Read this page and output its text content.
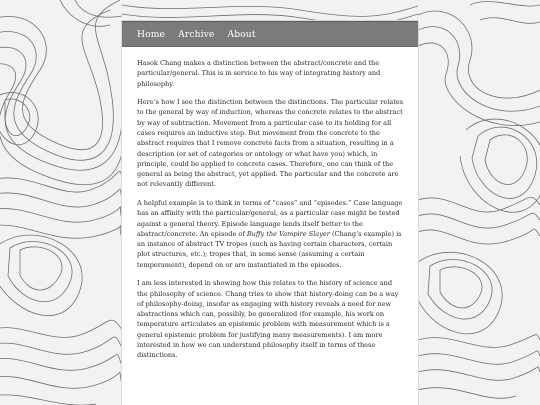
Home Archive About

Hasok Chang makes a distinction between the abstract/concrete and the particular/general. This is in service to his way of integrating history and philosophy.

Here’s how I see the distinction between the distinctions. The particular relates to the general by way of induction, whereas the concrete relates to the abstract by way of subtraction. Movement from a particular case to its holding for all cases requires an inductive step. But movement from the concrete to the abstract requires that I remove concrete facts from a situation, resulting in a description (or set of categories or ontology or what have you) which, in principle, could be applied to concrete cases. Therefore, one can think of the general as being the abstract, yet applied. The particular and the concrete are not relevantly different.

A helpful example is to think in terms of “cases” and “episodes.” Case language has an affinity with the particular/general, as a particular case might be tested against a general theory. Episode language lends itself better to the abstract/concrete. An episode of Buffy the Vampire Slayer (Chang’s example) is an instance of abstract TV tropes (such as having certain characters, certain plot structures, etc.); tropes that, in some sense (assuming a certain temperament), depend on or are instantiated in the episodes.

I am less interested in showing how this relates to the history of science and the philosophy of science. Chang tries to show that history-doing can be a way of philosophy-doing, insofar as engaging with history reveals a need for new abstractions which can, possibly, be generalized (for example, his work on temperature articulates an epistemic problem with measurement which is a general epistemic problem for justifying many measurements). I am more interested in how we can understand philosophy itself in terms of these distinctions.
